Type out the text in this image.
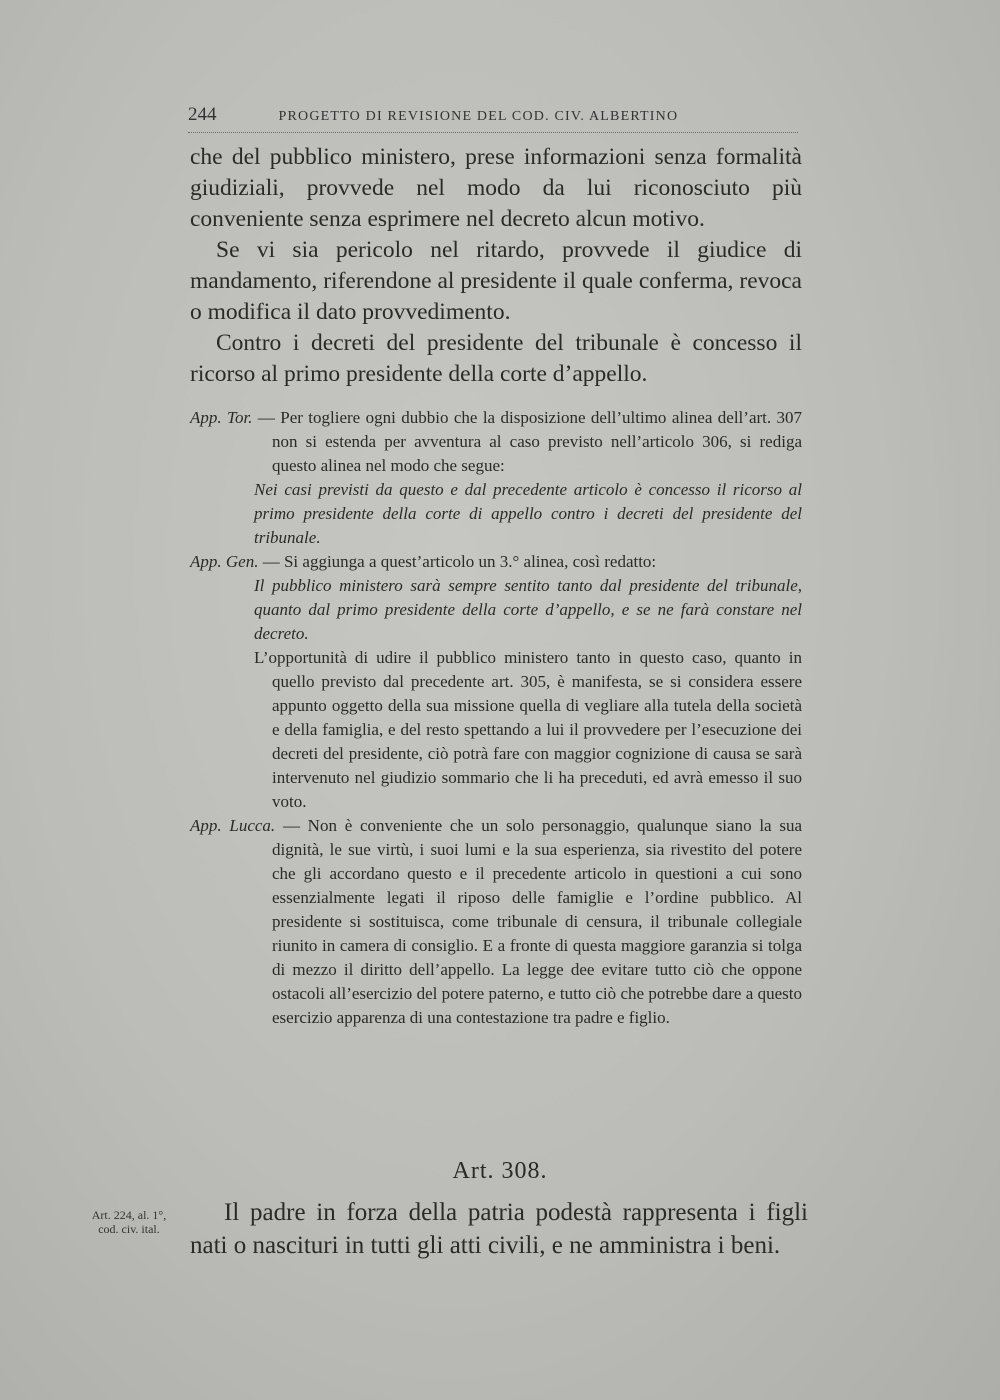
244	PROGETTO DI REVISIONE DEL COD. CIV. ALBERTINO

che del pubblico ministero, prese informazioni senza formalità giudiziali, provvede nel modo da lui riconosciuto più conveniente senza esprimere nel decreto alcun motivo.

Se vi sia pericolo nel ritardo, provvede il giudice di mandamento, riferendone al presidente il quale conferma, revoca o modifica il dato provvedimento.

Contro i decreti del presidente del tribunale è concesso il ricorso al primo presidente della corte d’appello.

App. Tor. — Per togliere ogni dubbio che la disposizione dell’ultimo alinea dell’art. 307 non si estenda per avventura al caso previsto nell’articolo 306, si rediga questo alinea nel modo che segue:

Nei casi previsti da questo e dal precedente articolo è concesso il ricorso al primo presidente della corte di appello contro i decreti del presidente del tribunale.

App. Gen. — Si aggiunga a quest’articolo un 3.° alinea, così redatto:

Il pubblico ministero sarà sempre sentito tanto dal presidente del tribunale, quanto dal primo presidente della corte d’appello, e se ne farà constare nel decreto.

L’opportunità di udire il pubblico ministero tanto in questo caso, quanto in quello previsto dal precedente art. 305, è manifesta, se si considera essere appunto oggetto della sua missione quella di vegliare alla tutela della società e della famiglia, e del resto spettando a lui il provvedere per l’esecuzione dei decreti del presidente, ciò potrà fare con maggior cognizione di causa se sarà intervenuto nel giudizio sommario che li ha preceduti, ed avrà emesso il suo voto.

App. Lucca. — Non è conveniente che un solo personaggio, qualunque siano la sua dignità, le sue virtù, i suoi lumi e la sua esperienza, sia rivestito del potere che gli accordano questo e il precedente articolo in questioni a cui sono essenzialmente legati il riposo delle famiglie e l’ordine pubblico. Al presidente si sostituisca, come tribunale di censura, il tribunale collegiale riunito in camera di consiglio. E a fronte di questa maggiore garanzia si tolga di mezzo il diritto dell’appello. La legge dee evitare tutto ciò che oppone ostacoli all’esercizio del potere paterno, e tutto ciò che potrebbe dare a questo esercizio apparenza di una contestazione tra padre e figlio.

Art. 308.
Art. 224, al. 1°,
cod. civ. ital.

Il padre in forza della patria podestà rappresenta i figli nati o nascituri in tutti gli atti civili, e ne amministra i beni.
